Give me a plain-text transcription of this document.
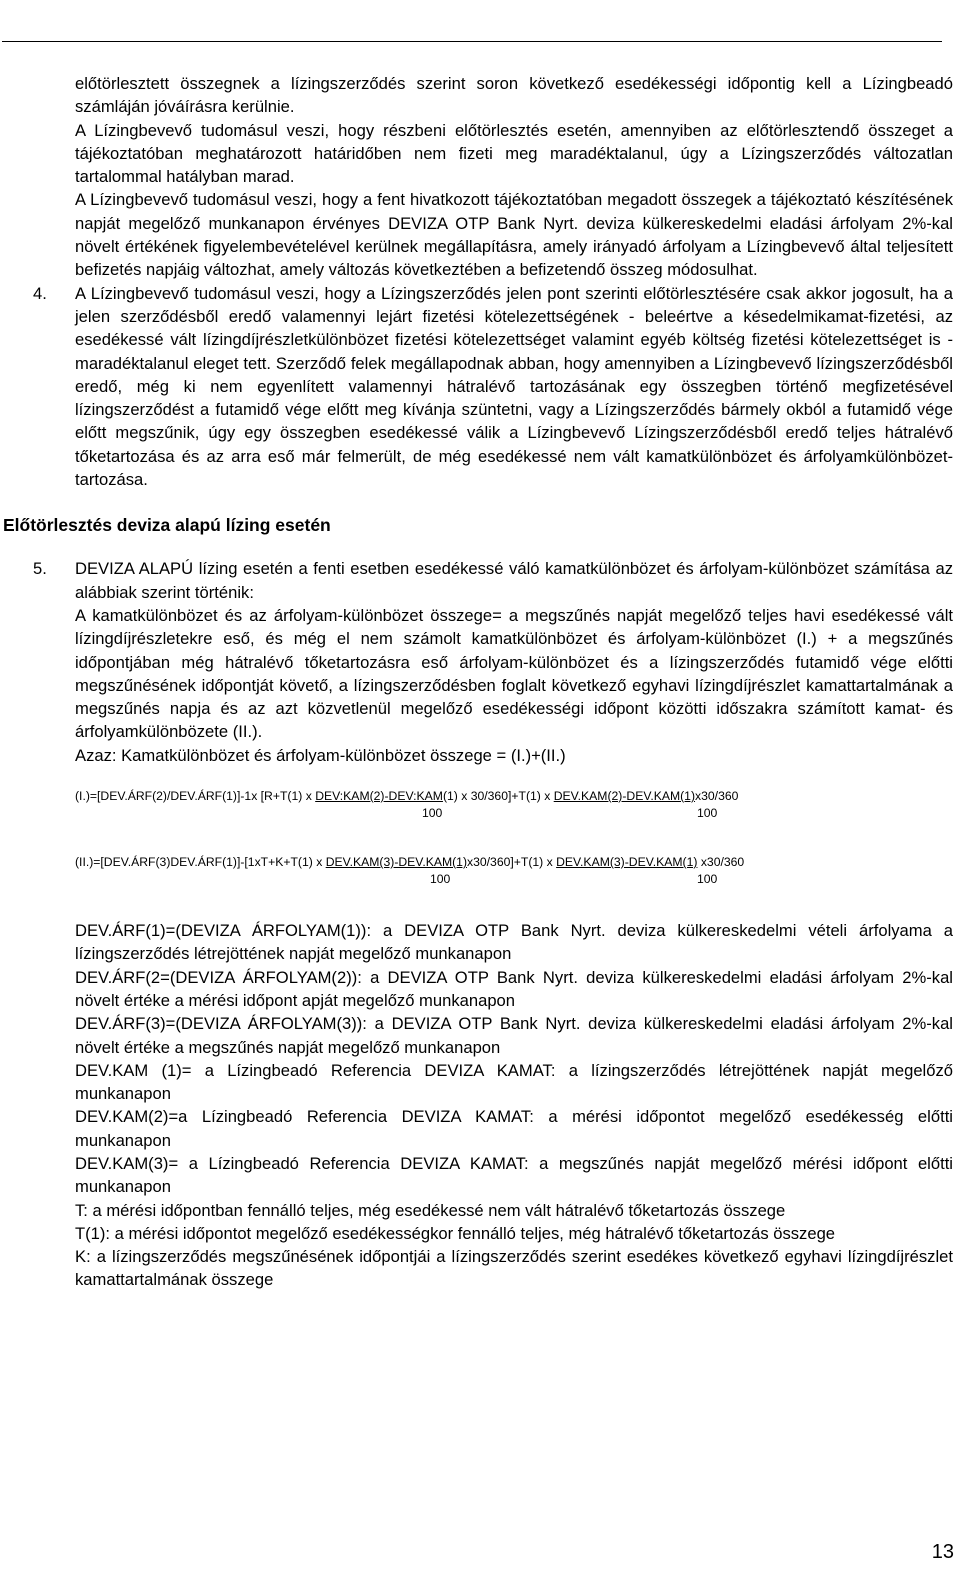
MCSL-1003 számú általános lízingfeltételek	2010. március 1.

előtörlesztett összegnek a lízingszerződés szerint soron következő esedékességi időpontig kell a Lízingbeadó számláján jóváírásra kerülnie.

A Lízingbevevő tudomásul veszi, hogy részbeni előtörlesztés esetén, amennyiben az előtörlesztendő összeget a tájékoztatóban meghatározott határidőben nem fizeti meg maradéktalanul, úgy a Lízingszerződés változatlan tartalommal hatályban marad.

A Lízingbevevő tudomásul veszi, hogy a fent hivatkozott tájékoztatóban megadott összegek a tájékoztató készítésének napját megelőző munkanapon érvényes DEVIZA OTP Bank Nyrt. deviza külkereskedelmi eladási árfolyam 2%-kal növelt értékének figyelembevételével kerülnek megállapításra, amely irányadó árfolyam a Lízingbevevő által teljesített befizetés napjáig változhat, amely változás következtében a befizetendő összeg módosulhat.

4. A Lízingbevevő tudomásul veszi, hogy a Lízingszerződés jelen pont szerinti előtörlesztésére csak akkor jogosult, ha a jelen szerződésből eredő valamennyi lejárt fizetési kötelezettségének - beleértve a késedelmikamat-fizetési, az esedékessé vált lízingdíjrészletkülönbözet fizetési kötelezettséget valamint egyéb költség fizetési kötelezettséget is - maradéktalanul eleget tett. Szerződő felek megállapodnak abban, hogy amennyiben a Lízingbevevő lízingszerződésből eredő, még ki nem egyenlített valamennyi hátralévő tartozásának egy összegben történő megfizetésével lízingszerződést a futamidő vége előtt meg kívánja szüntetni, vagy a Lízingszerződés bármely okból a futamidő vége előtt megszűnik, úgy egy összegben esedékessé válik a Lízingbevevő Lízingszerződésből eredő teljes hátralévő tőketartozása és az arra eső már felmerült, de még esedékessé nem vált kamatkülönbözet és árfolyamkülönbözet-tartozása.
Előtörlesztés deviza alapú lízing esetén
5. DEVIZA ALAPÚ lízing esetén a fenti esetben esedékessé váló kamatkülönbözet és árfolyam-különbözet számítása az alábbiak szerint történik:

A kamatkülönbözet és az árfolyam-különbözet összege= a megszűnés napját megelőző teljes havi esedékessé vált lízingdíjrészletekre eső, és még el nem számolt kamatkülönbözet és árfolyam-különbözet (I.) + a megszűnés időpontjában még hátralévő tőketartozásra eső árfolyam-különbözet és a lízingszerződés futamidő vége előtti megszűnésének időpontját követő, a lízingszerződésben foglalt következő egyhavi lízingdíjrészlet kamattartalmának a megszűnés napja és az azt közvetlenül megelőző esedékességi időpont közötti időszakra számított kamat- és árfolyamkülönbözete (II.).

Azaz: Kamatkülönbözet és árfolyam-különbözet összege = (I.)+(II.)

(I.)=[DEV.ÁRF(2)/DEV.ÁRF(1)]-1x [R+T(1) x DEV:KAM(2)-DEV:KAM(1) x 30/360]+T(1) x DEV.KAM(2)-DEV.KAM(1)x30/360
100	100
(II.)=[DEV.ÁRF(3)DEV.ÁRF(1)]-[1xT+K+T(1) x DEV.KAM(3)-DEV.KAM(1)x30/360]+T(1) x DEV.KAM(3)-DEV.KAM(1) x30/360
100	100

DEV.ÁRF(1)=(DEVIZA ÁRFOLYAM(1)): a DEVIZA OTP Bank Nyrt. deviza külkereskedelmi vételi árfolyama a lízingszerződés létrejöttének napját megelőző munkanapon

DEV.ÁRF(2=(DEVIZA ÁRFOLYAM(2)): a DEVIZA OTP Bank Nyrt. deviza külkereskedelmi eladási árfolyam 2%-kal növelt értéke a mérési időpont apját megelőző munkanapon

DEV.ÁRF(3)=(DEVIZA ÁRFOLYAM(3)): a DEVIZA OTP Bank Nyrt. deviza külkereskedelmi eladási árfolyam 2%-kal növelt értéke a megszűnés napját megelőző munkanapon

DEV.KAM (1)= a Lízingbeadó Referencia DEVIZA KAMAT: a lízingszerződés létrejöttének napját megelőző munkanapon

DEV.KAM(2)=a Lízingbeadó Referencia DEVIZA KAMAT: a mérési időpontot megelőző esedékesség előtti munkanapon

DEV.KAM(3)= a Lízingbeadó Referencia DEVIZA KAMAT: a megszűnés napját megelőző mérési időpont előtti munkanapon

T: a mérési időpontban fennálló teljes, még esedékessé nem vált hátralévő tőketartozás összege

T(1): a mérési időpontot megelőző esedékességkor fennálló teljes, még hátralévő tőketartozás összege

K: a lízingszerződés megszűnésének időpontjái a lízingszerződés szerint esedékes következő egyhavi lízingdíjrészlet kamattartalmának összege

13
